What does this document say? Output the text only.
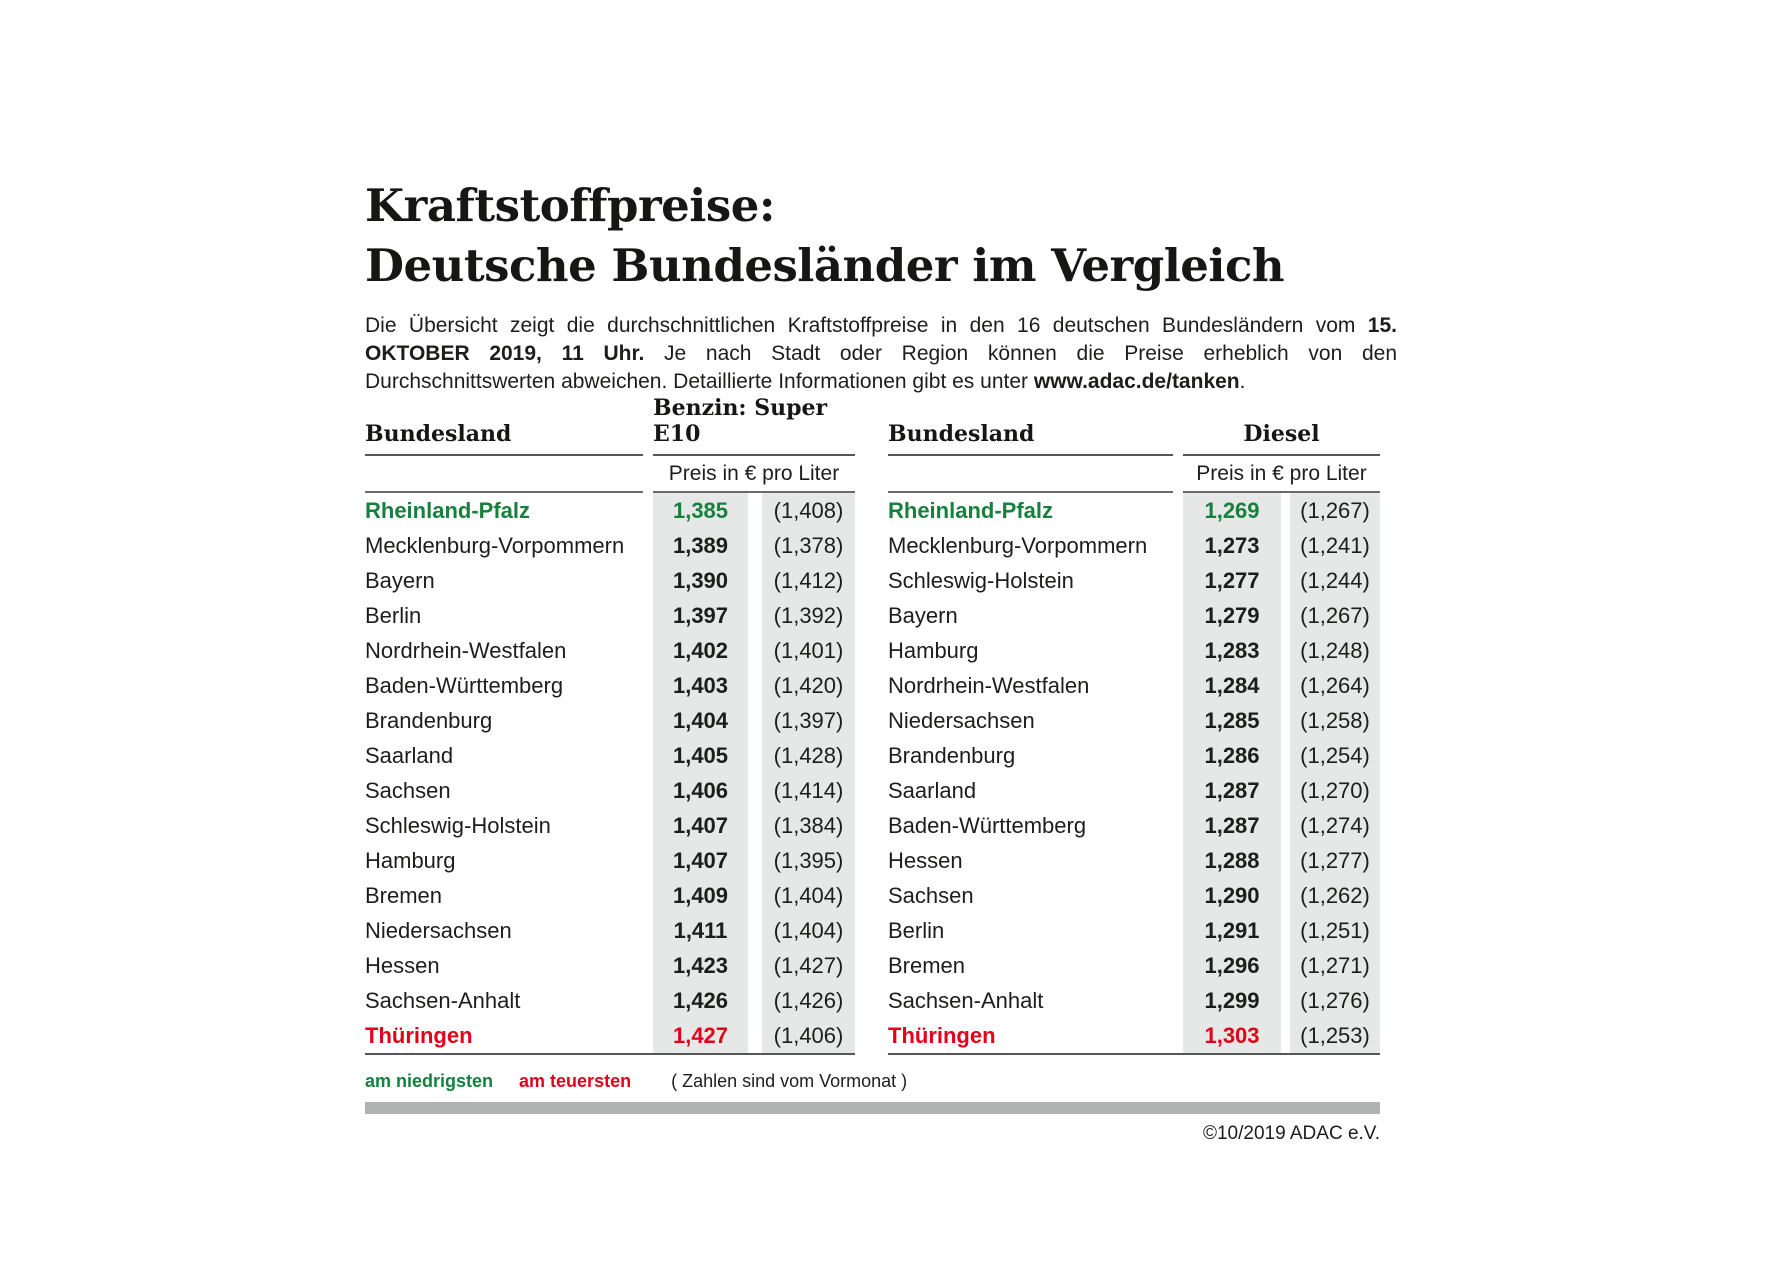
Kraftstoffpreise:
Deutsche Bundesländer im Vergleich

Die Übersicht zeigt die durchschnittlichen Kraftstoffpreise in den 16 deutschen Bundesländern vom 15. OKTOBER 2019, 11 Uhr. Je nach Stadt oder Region können die Preise erheblich von den Durchschnittswerten abweichen. Detaillierte Informationen gibt es unter www.adac.de/tanken.

Bundesland
Benzin: Super E10
Preis in € pro Liter
Rheinland-Pfalz	1,385	(1,408)
Mecklenburg-Vorpommern	1,389	(1,378)
Bayern	1,390	(1,412)
Berlin	1,397	(1,392)
Nordrhein-Westfalen	1,402	(1,401)
Baden-Württemberg	1,403	(1,420)
Brandenburg	1,404	(1,397)
Saarland	1,405	(1,428)
Sachsen	1,406	(1,414)
Schleswig-Holstein	1,407	(1,384)
Hamburg	1,407	(1,395)
Bremen	1,409	(1,404)
Niedersachsen	1,411	(1,404)
Hessen	1,423	(1,427)
Sachsen-Anhalt	1,426	(1,426)
Thüringen	1,427	(1,406)
Bundesland	Diesel
Preis in € pro Liter
Rheinland-Pfalz	1,269	(1,267)
Mecklenburg-Vorpommern	1,273	(1,241)
Schleswig-Holstein	1,277	(1,244)
Bayern	1,279	(1,267)
Hamburg	1,283	(1,248)
Nordrhein-Westfalen	1,284	(1,264)
Niedersachsen	1,285	(1,258)
Brandenburg	1,286	(1,254)
Saarland	1,287	(1,270)
Baden-Württemberg	1,287	(1,274)
Hessen	1,288	(1,277)
Sachsen	1,290	(1,262)
Berlin	1,291	(1,251)
Bremen	1,296	(1,271)
Sachsen-Anhalt	1,299	(1,276)
Thüringen	1,303	(1,253)
am niedrigsten am teuersten ( Zahlen sind vom Vormonat )
©10/2019 ADAC e.V.
